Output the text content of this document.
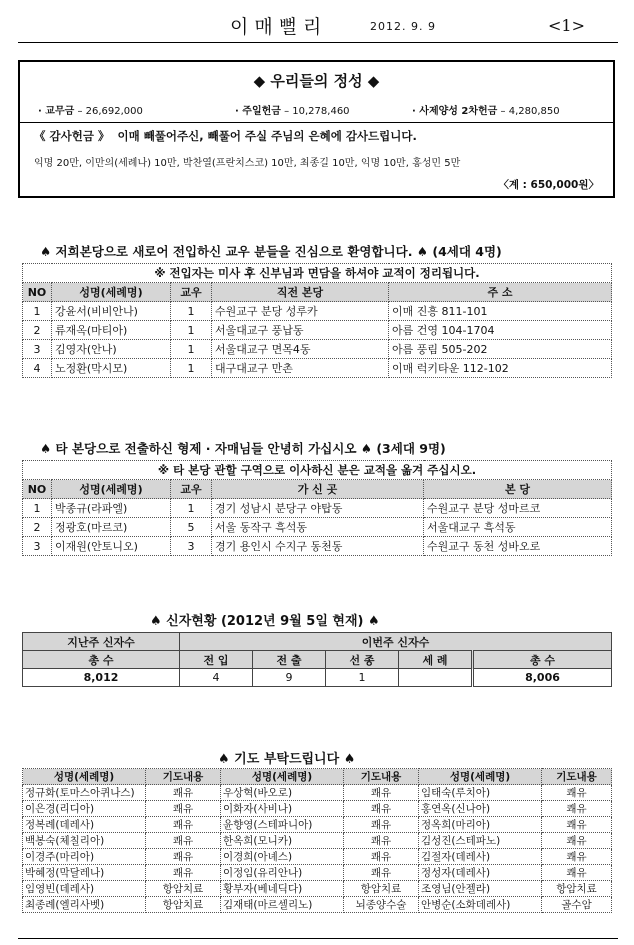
이매뻘리	2012. 9. 9	<1>
◆ 우리들의 정성 ◆
· 교무금 – 26,692,000	· 주일헌금 – 10,278,460	· 사제양성 2차헌금 – 4,280,850
《 감사헌금 》 이매 빼풀어주신, 빼풀어 주실 주님의 은혜에 감사드립니다.
익명 20만, 이만의(세례나) 10만, 박찬열(프란치스코) 10만, 최종길 10만, 익명 10만, 홍성민 5만
〈계 : 650,000원〉
♠ 저희본당으로 새로어 전입하신 교우 분들을 진심으로 환영합니다. ♠ (4세대 4명)
※ 전입자는 미사 후 신부님과 면담을 하셔야 교적이 정리됩니다.				
NO	성명(세례명)	교우	직전 본당	주 소
1	강윤서(비비안나)	1	수원교구 분당 성루카	이매 진흥 811-101
2	류재옥(마티아)	1	서울대교구 풍납동	아름 건영 104-1704
3	김영자(안나)	1	서울대교구 면목4동	아름 풍림 505-202
4	노정환(막시모)	1	대구대교구 만촌	이매 럭키타운 112-102
♠ 타 본당으로 전출하신 형제 · 자매님들 안녕히 가십시오 ♠ (3세대 9명)
※ 타 본당 관할 구역으로 이사하신 분은 교적을 옮겨 주십시오.				
NO	성명(세례명)	교우	가 신 곳	본 당
1	박종규(라파엘)	1	경기 성남시 분당구 야탑동	수원교구 분당 성마르코
2	정광호(마르코)	5	서울 동작구 흑석동	서울대교구 흑석동
3	이재원(안토니오)	3	경기 용인시 수지구 동천동	수원교구 동천 성바오로
♠ 신자현황 (2012년 9월 5일 현재) ♠
지난주 신자수	이번주 신자수				
총 수	전 입	전 출	선 종	세 례	총 수
8,012	4	9	1		8,006
♠ 기도 부탁드립니다 ♠
성명(세례명)	기도내용	성명(세례명)	기도내용	성명(세례명)	기도내용
정규화(토마스아퀴나스)	쾌유	우상혁(바오로)	쾌유	임태숙(루치아)	쾌유
이은경(리디아)	쾌유	이화자(사비나)	쾌유	홍연옥(신나아)	쾌유
정복례(데레사)	쾌유	윤향영(스테파니아)	쾌유	정옥희(마리아)	쾌유
백봉숙(체칠리아)	쾌유	한옥희(모니카)	쾌유	김성진(스테파노)	쾌유
이경주(마리아)	쾌유	이경희(아녜스)	쾌유	김절자(데레사)	쾌유
박혜정(막달레나)	쾌유	이정임(유리안나)	쾌유	정성자(데레사)	쾌유
임영빈(데레사)	항암치료	황부자(베네딕다)	항암치료	조영님(안젤라)	항암치료
최종례(엘리사벳)	항암치료	김재태(마르셀리노)	뇌종양수술	안병순(소화데레사)	골수암
